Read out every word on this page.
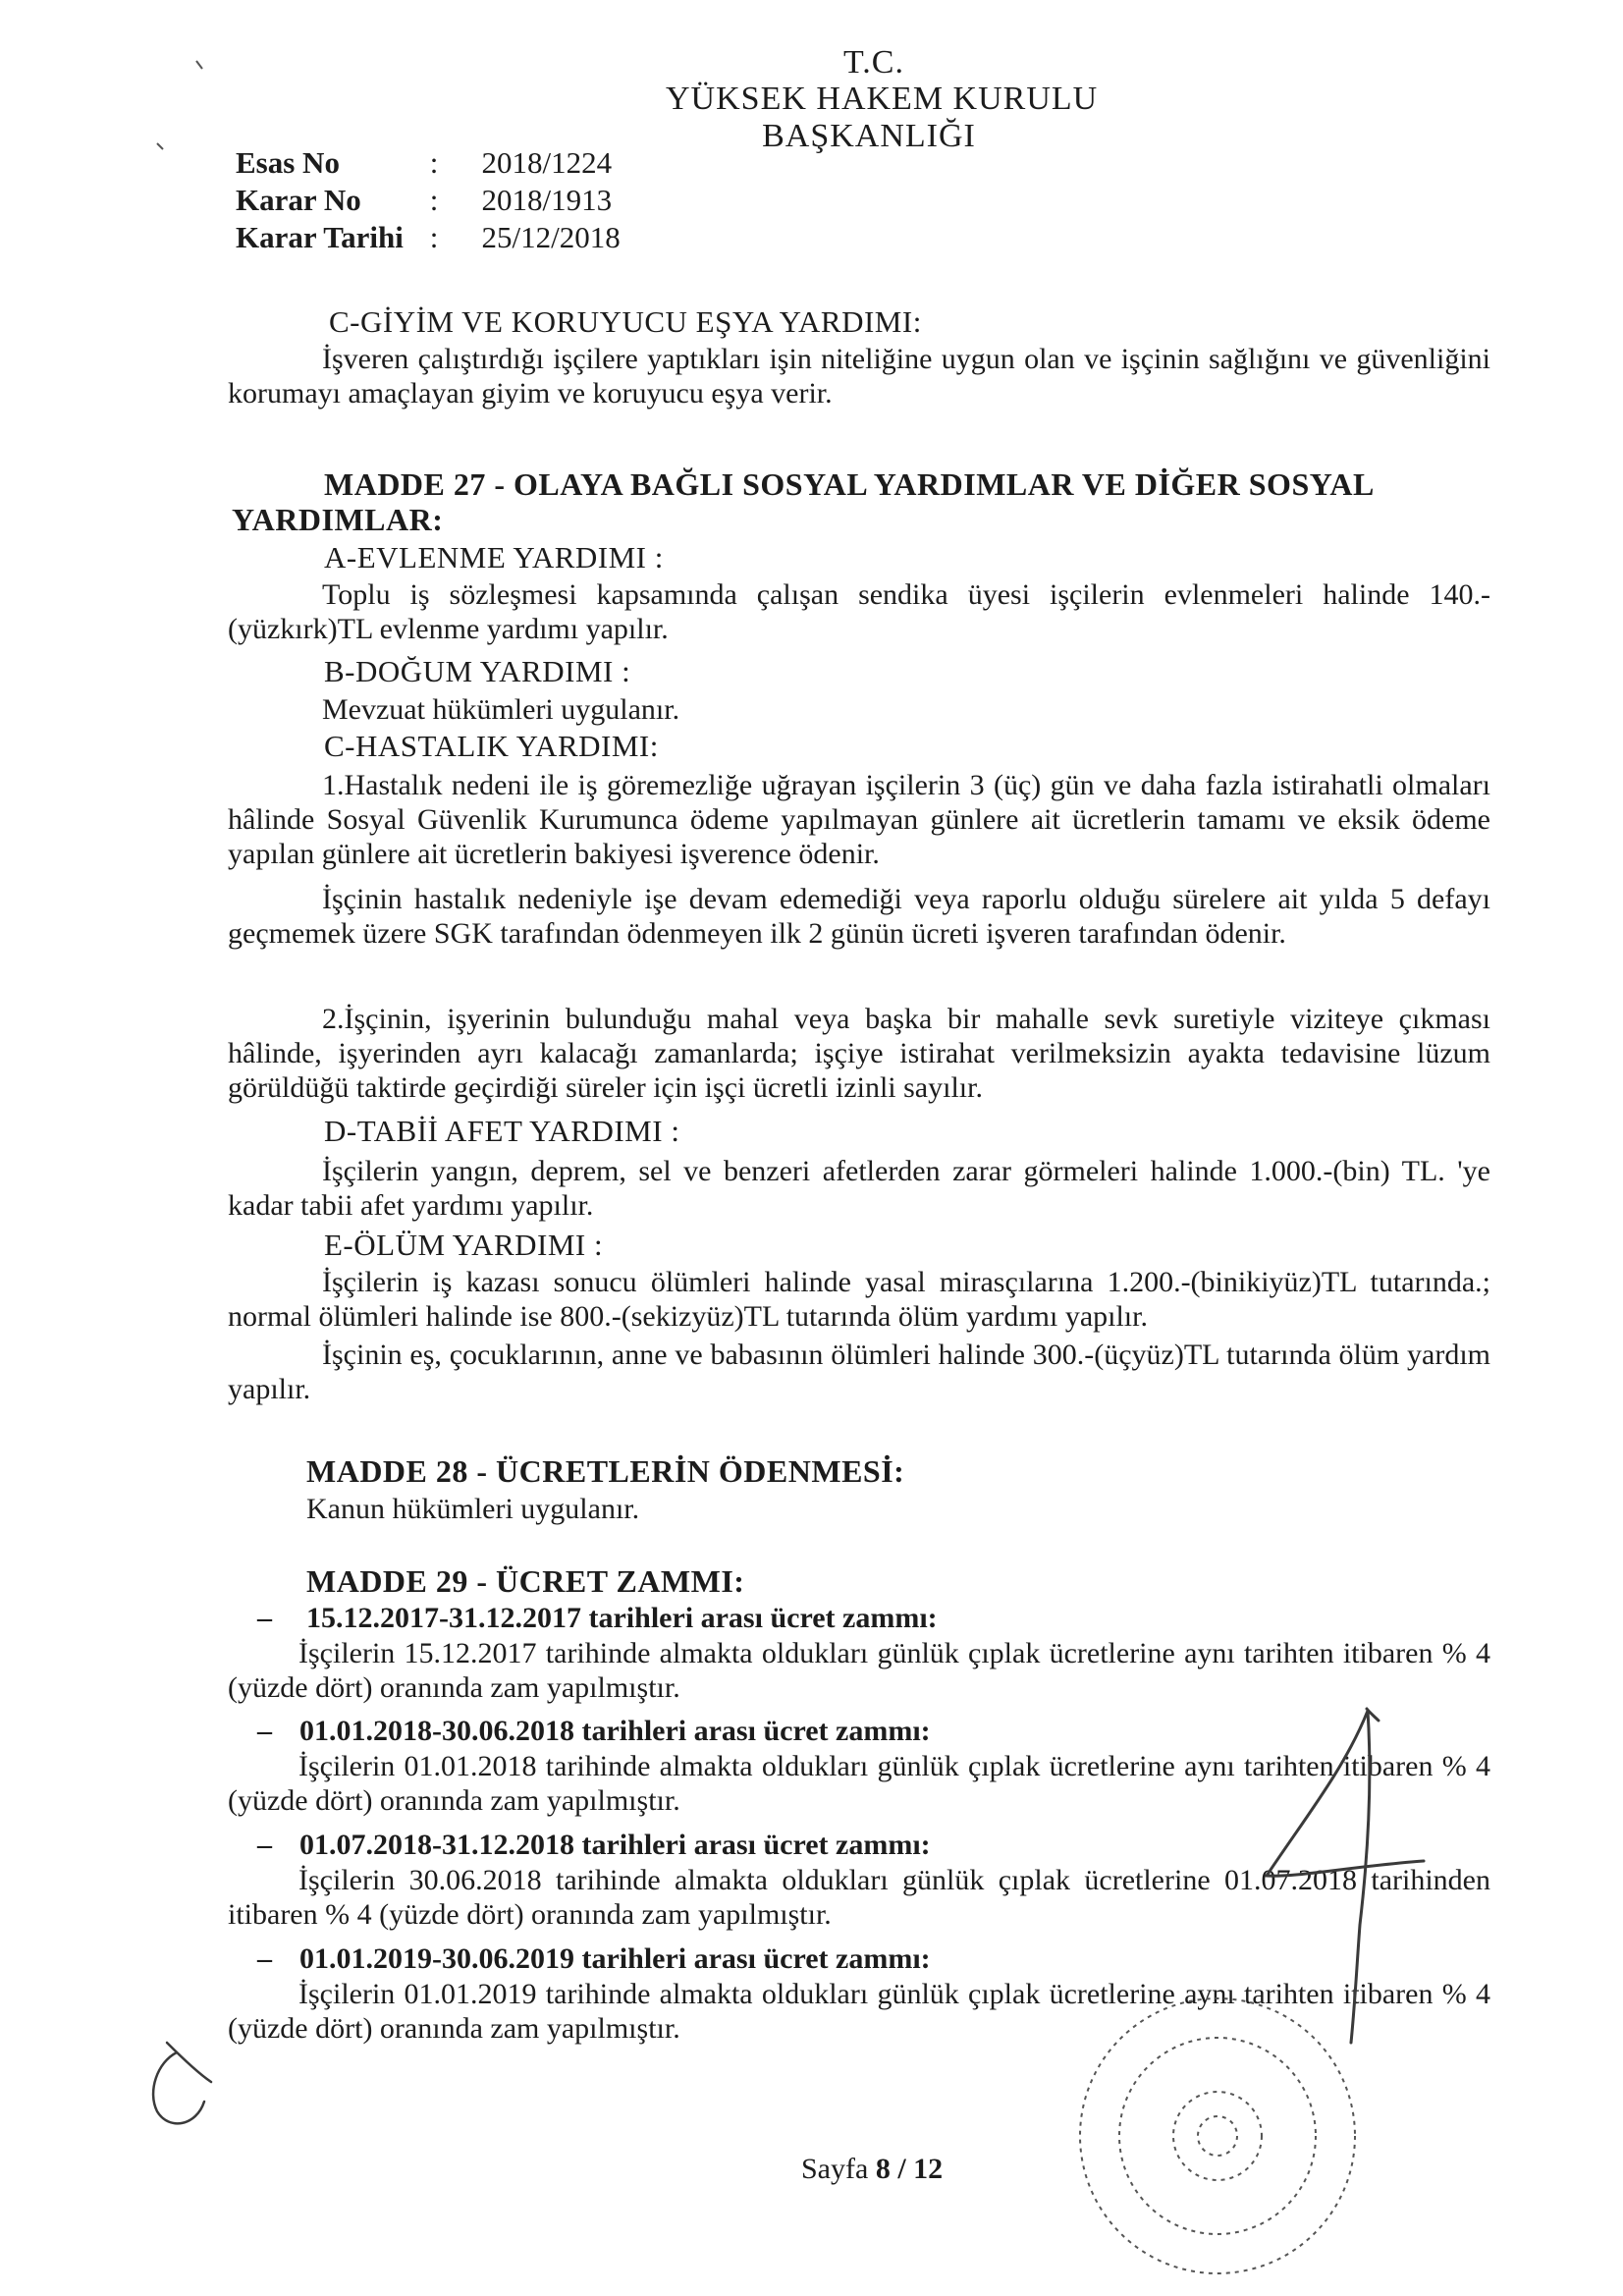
T.C.
YÜKSEK HAKEM KURULU
BAŞKANLIĞI
Esas No	: 2018/1224
Karar No : 2018/1913
Karar Tarihi : 25/12/2018
C-GİYİM VE KORUYUCU EŞYA YARDIMI:
İşveren çalıştırdığı işçilere yaptıkları işin niteliğine uygun olan ve işçinin sağlığını ve güvenliğini korumayı amaçlayan giyim ve koruyucu eşya verir.
MADDE 27 - OLAYA BAĞLI SOSYAL YARDIMLAR VE DİĞER SOSYAL
YARDIMLAR:
A-EVLENME YARDIMI :
Toplu iş sözleşmesi kapsamında çalışan sendika üyesi işçilerin evlenmeleri halinde 140.-(yüzkırk)TL evlenme yardımı yapılır.
B-DOĞUM YARDIMI :
Mevzuat hükümleri uygulanır.
C-HASTALIK YARDIMI:
1.Hastalık nedeni ile iş göremezliğe uğrayan işçilerin 3 (üç) gün ve daha fazla istirahatli olmaları hâlinde Sosyal Güvenlik Kurumunca ödeme yapılmayan günlere ait ücretlerin tamamı ve eksik ödeme yapılan günlere ait ücretlerin bakiyesi işverence ödenir.
İşçinin hastalık nedeniyle işe devam edemediği veya raporlu olduğu sürelere ait yılda 5 defayı geçmemek üzere SGK tarafından ödenmeyen ilk 2 günün ücreti işveren tarafından ödenir.
2.İşçinin, işyerinin bulunduğu mahal veya başka bir mahalle sevk suretiyle viziteye çıkması hâlinde, işyerinden ayrı kalacağı zamanlarda; işçiye istirahat verilmeksizin ayakta tedavisine lüzum görüldüğü taktirde geçirdiği süreler için işçi ücretli izinli sayılır.
D-TABİİ AFET YARDIMI :
İşçilerin yangın, deprem, sel ve benzeri afetlerden zarar görmeleri halinde 1.000.-(bin) TL. 'ye kadar tabii afet yardımı yapılır.
E-ÖLÜM YARDIMI :
İşçilerin iş kazası sonucu ölümleri halinde yasal mirasçılarına 1.200.-(binikiyüz)TL tutarında.; normal ölümleri halinde ise 800.-(sekizyüz)TL tutarında ölüm yardımı yapılır.
İşçinin eş, çocuklarının, anne ve babasının ölümleri halinde 300.-(üçyüz)TL tutarında ölüm yardım yapılır.
MADDE 28 - ÜCRETLERİN ÖDENMESİ:
Kanun hükümleri uygulanır.
MADDE 29 - ÜCRET ZAMMI:
– 15.12.2017-31.12.2017 tarihleri arası ücret zammı:
İşçilerin 15.12.2017 tarihinde almakta oldukları günlük çıplak ücretlerine aynı tarihten itibaren % 4 (yüzde dört) oranında zam yapılmıştır.
– 01.01.2018-30.06.2018 tarihleri arası ücret zammı:
İşçilerin 01.01.2018 tarihinde almakta oldukları günlük çıplak ücretlerine aynı tarihten itibaren % 4 (yüzde dört) oranında zam yapılmıştır.
– 01.07.2018-31.12.2018 tarihleri arası ücret zammı:
İşçilerin 30.06.2018 tarihinde almakta oldukları günlük çıplak ücretlerine 01.07.2018 tarihinden itibaren % 4 (yüzde dört) oranında zam yapılmıştır.
– 01.01.2019-30.06.2019 tarihleri arası ücret zammı:
İşçilerin 01.01.2019 tarihinde almakta oldukları günlük çıplak ücretlerine aynı tarihten itibaren % 4 (yüzde dört) oranında zam yapılmıştır.
Sayfa 8 / 12
